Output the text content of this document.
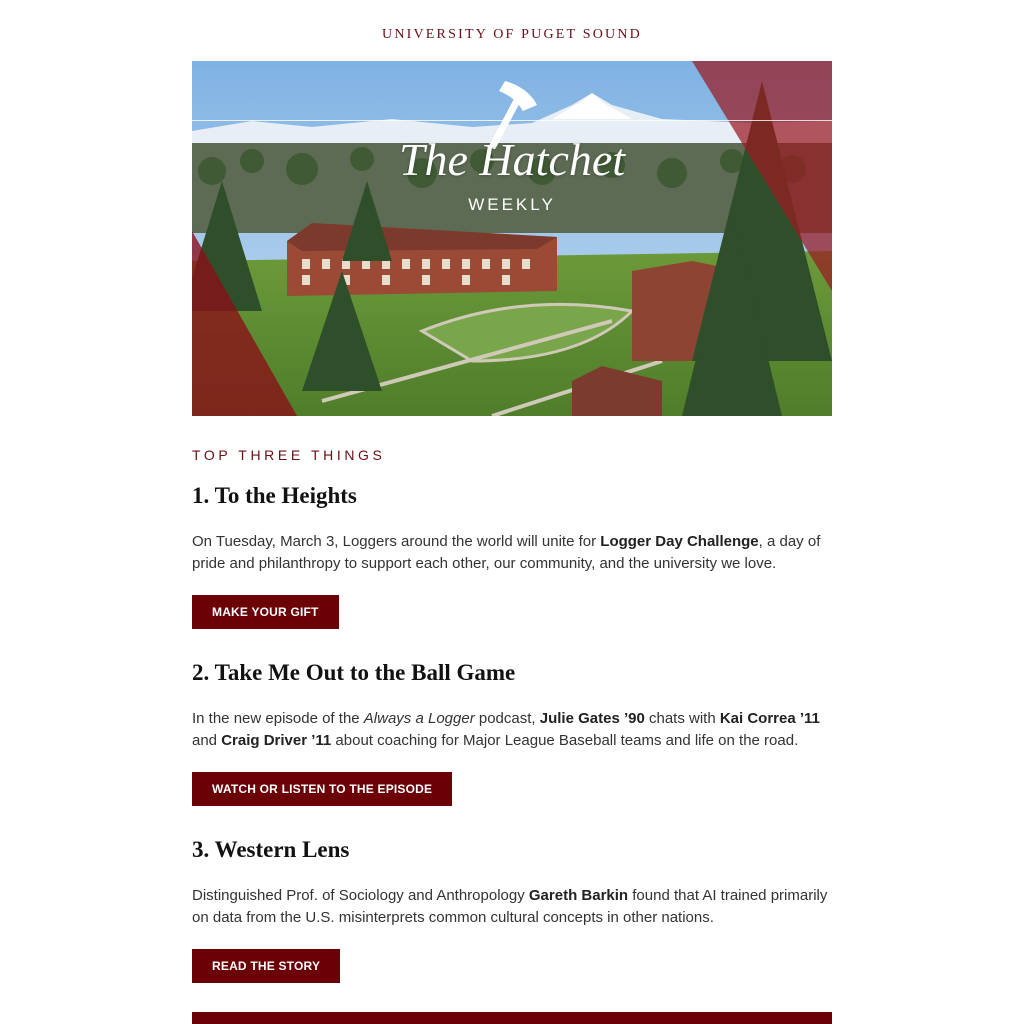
UNIVERSITY OF PUGET SOUND
The Hatchet
WEEKLY
TOP THREE THINGS
1. To the Heights

On Tuesday, March 3, Loggers around the world will unite for Logger Day Challenge, a day of pride and philanthropy to support each other, our community, and the university we love.

MAKE YOUR GIFT
2. Take Me Out to the Ball Game

In the new episode of the Always a Logger podcast, Julie Gates ’90 chats with Kai Correa ’11 and Craig Driver ’11 about coaching for Major League Baseball teams and life on the road.

WATCH OR LISTEN TO THE EPISODE
3. Western Lens

Distinguished Prof. of Sociology and Anthropology Gareth Barkin found that AI trained primarily on data from the U.S. misinterprets common cultural concepts in other nations.

READ THE STORY
